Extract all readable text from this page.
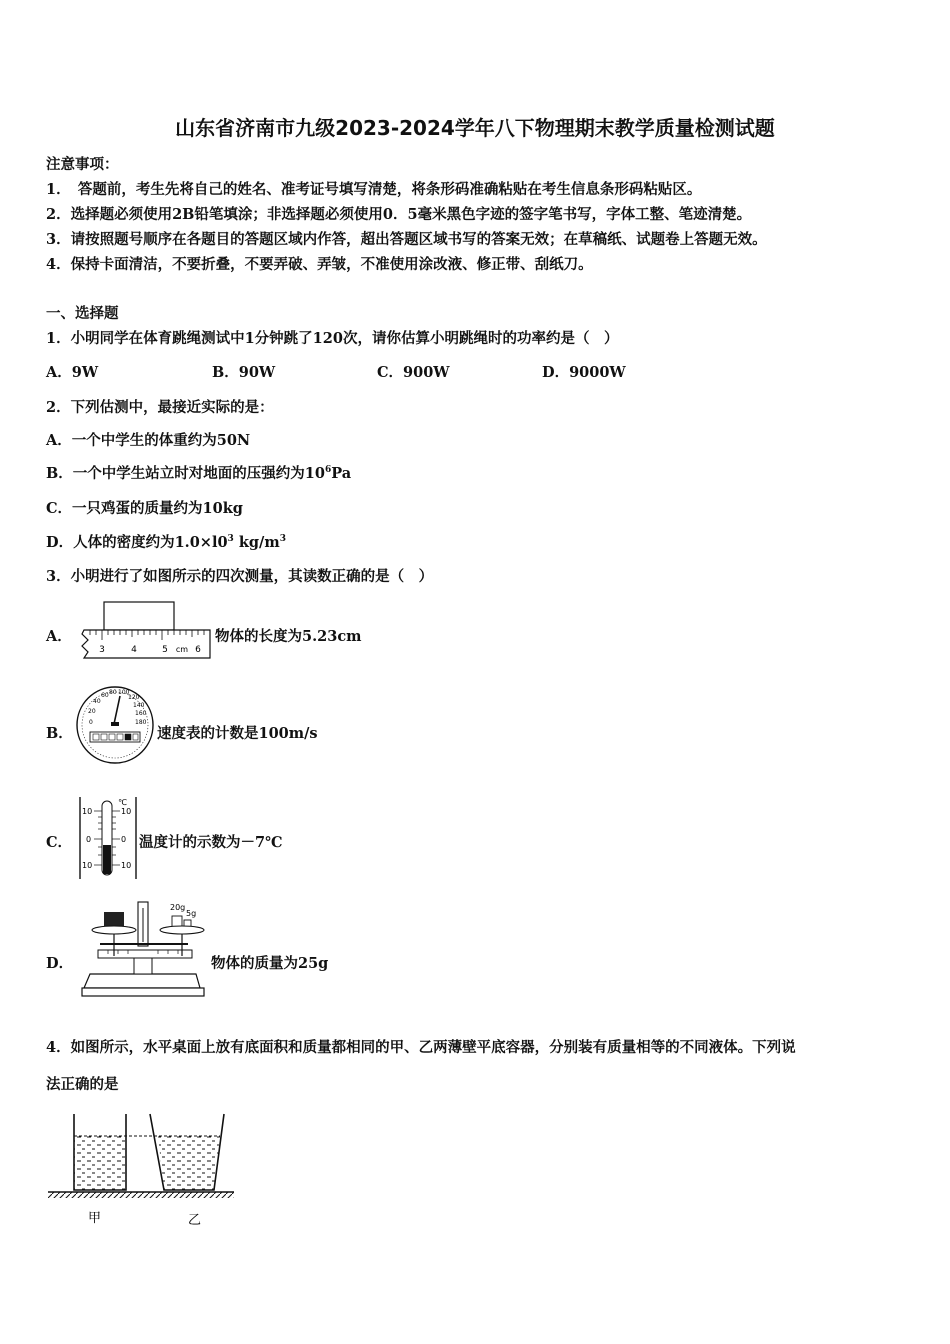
山东省济南市九级2023-2024学年八下物理期末教学质量检测试题
注意事项：
1．　答题前，考生先将自己的姓名、准考证号填写清楚，将条形码准确粘贴在考生信息条形码粘贴区。
2．选择题必须使用2B铅笔填涂；非选择题必须使用0．5毫米黑色字迹的签字笔书写，字体工整、笔迹清楚。
3．请按照题号顺序在各题目的答题区域内作答，超出答题区域书写的答案无效；在草稿纸、试题卷上答题无效。
4．保持卡面清洁，不要折叠，不要弄破、弄皱，不准使用涂改液、修正带、刮纸刀。
一、选择题
1．小明同学在体育跳绳测试中1分钟跳了120次，请你估算小明跳绳时的功率约是（　）
A．9W	B．90W	C．900W	D．9000W
2．下列估测中，最接近实际的是：
A．一个中学生的体重约为50N
B．一个中学生站立时对地面的压强约为$10^6Pa$
C．一只鸡蛋的质量约为10kg
D．人体的密度约为$1.0\times l0^3$ $kg/m^3$
3．小明进行了如图所示的四次测量，其读数正确的是（　）
A．
3	4	5 cm 6
物体的长度为5.23cm
B．
0
20
40
60 80 100
120
140
160
180
速度表的计数是100m/s
C．
℃
10
0
10
10
0
10
温度计的示数为－7℃
D．
20g
5g
物体的质量为25g
4．如图所示，水平桌面上放有底面积和质量都相同的甲、乙两薄壁平底容器，分别装有质量相等的不同液体。下列说
法正确的是
甲	乙
